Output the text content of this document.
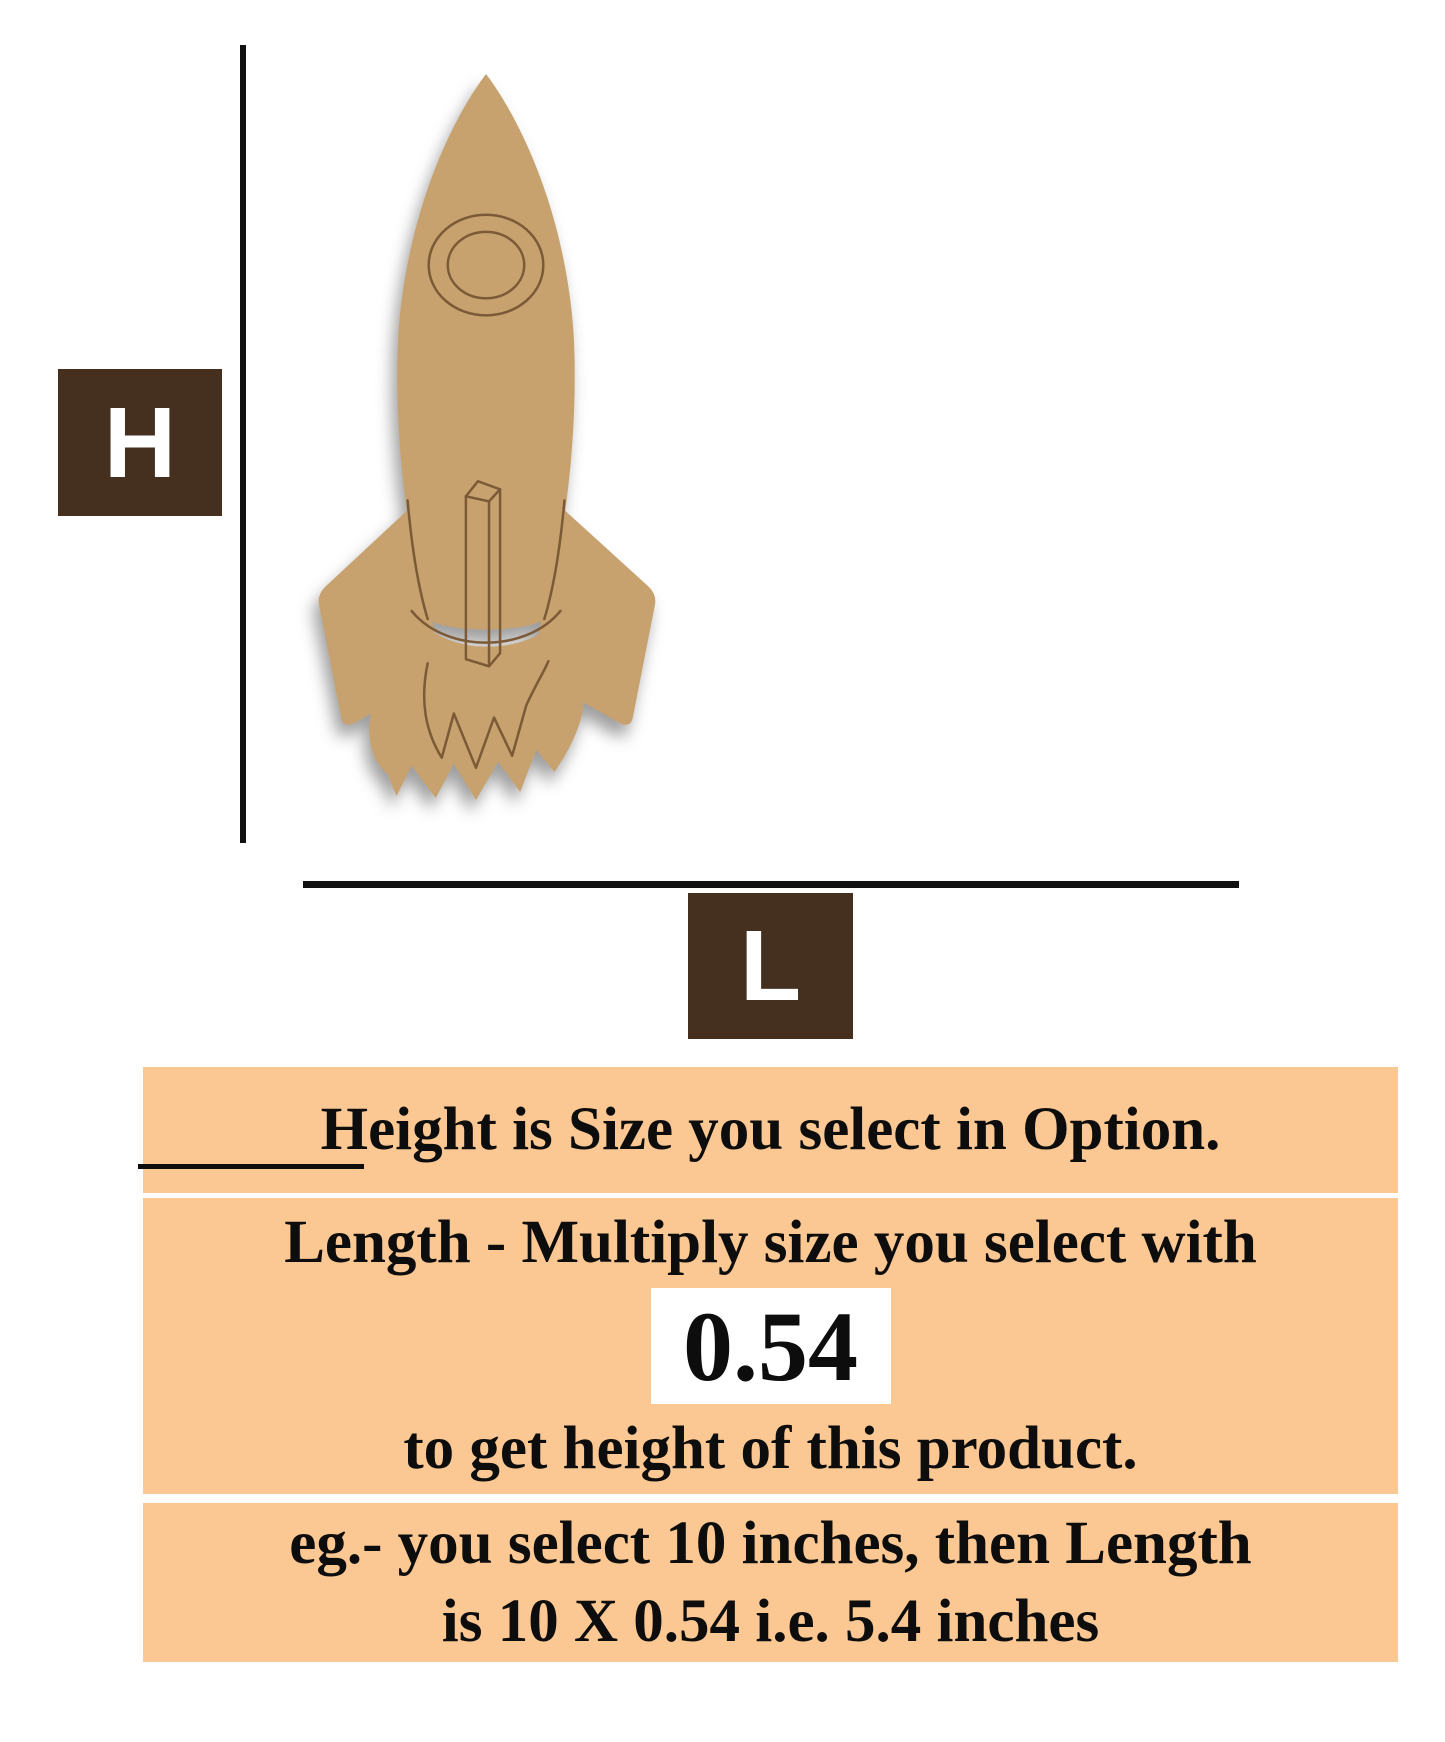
H
L
Height is Size you select in Option.
Length - Multiply size you select with
0.54
to get height of this product.
eg.- you select 10 inches, then Length
is 10 X 0.54 i.e. 5.4 inches
